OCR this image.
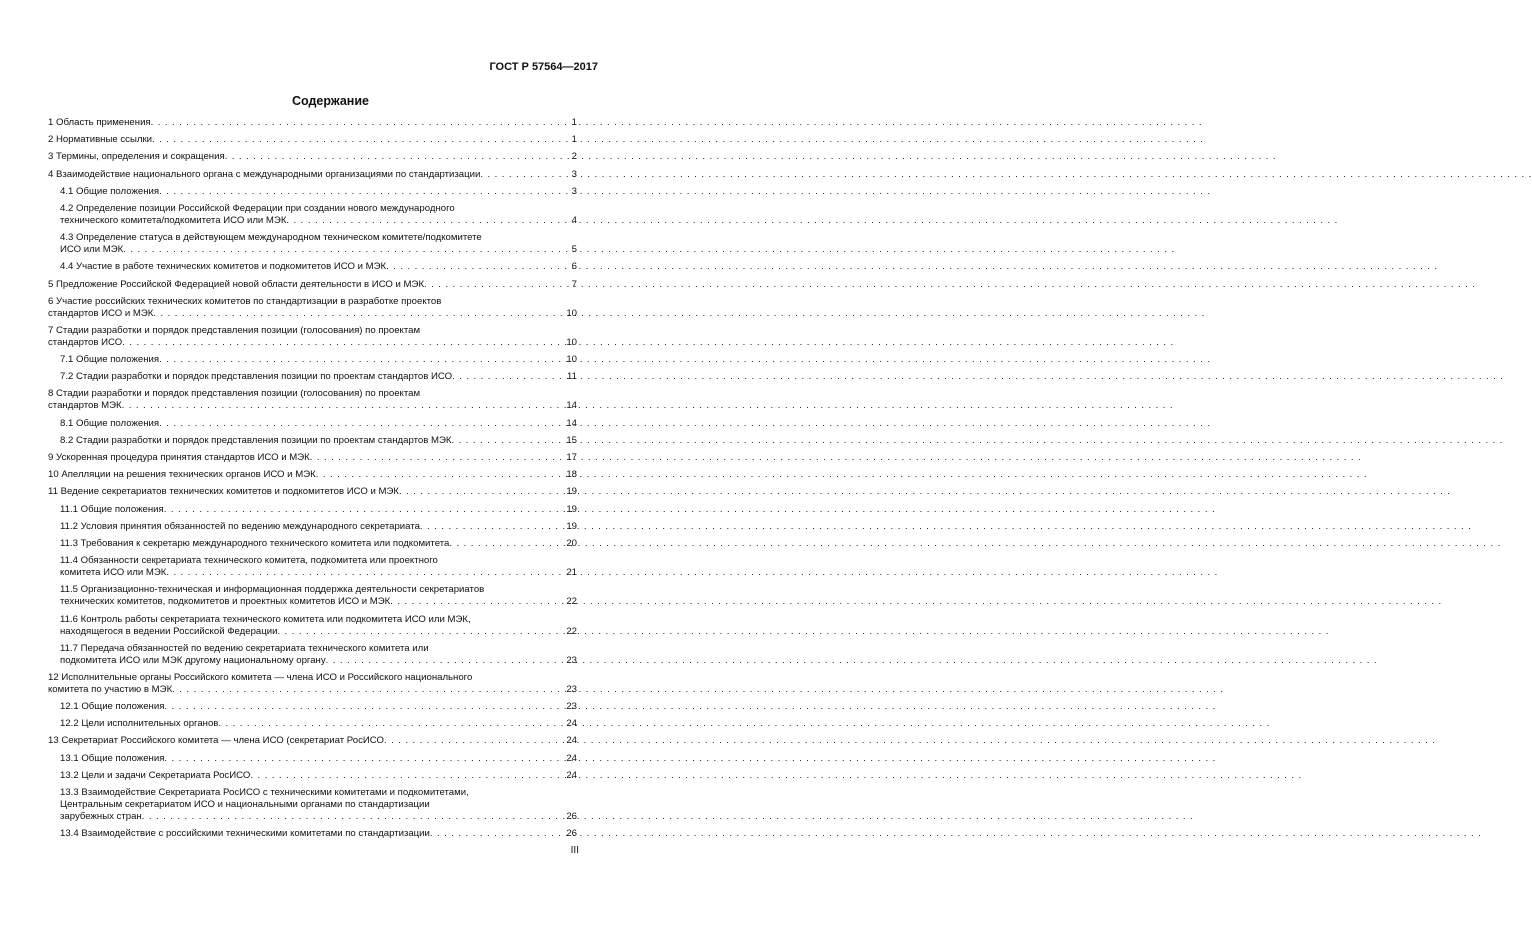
ГОСТ Р 57564—2017
Содержание
1 Область применения . . .	1
2 Нормативные ссылки . . .	1
3 Термины, определения и сокращения . . .	2
4 Взаимодействие национального органа с международными организациями по стандартизации . . .	3
4.1 Общие положения . . .	3
4.2 Определение позиции Российской Федерации при создании нового международного
технического комитета/подкомитета ИСО или МЭК . . .	4
4.3 Определение статуса в действующем международном техническом комитете/подкомитете
ИСО или МЭК . . .	5
4.4 Участие в работе технических комитетов и подкомитетов ИСО и МЭК . . .	6
5 Предложение Российской Федерацией новой области деятельности в ИСО и МЭК . . .	7
6 Участие российских технических комитетов по стандартизации в разработке проектов
стандартов ИСО и МЭК . . .	10
7 Стадии разработки и порядок представления позиции (голосования) по проектам
стандартов ИСО . . .	10
7.1 Общие положения . . .	10
7.2 Стадии разработки и порядок представления позиции по проектам стандартов ИСО . . .	11
8 Стадии разработки и порядок представления позиции (голосования) по проектам
стандартов МЭК . . .	14
8.1 Общие положения . . .	14
8.2 Стадии разработки и порядок представления позиции по проектам стандартов МЭК . . .	15
9 Ускоренная процедура принятия стандартов ИСО и МЭК . . .	17
10 Апелляции на решения технических органов ИСО и МЭК . . .	18
11 Ведение секретариатов технических комитетов и подкомитетов ИСО и МЭК . . .	19
11.1 Общие положения . . .	19
11.2 Условия принятия обязанностей по ведению международного секретариата . . .	19
11.3 Требования к секретарю международного технического комитета или подкомитета . . .	20
11.4 Обязанности секретариата технического комитета, подкомитета или проектного
комитета ИСО или МЭК . . .	21
11.5 Организационно-техническая и информационная поддержка деятельности секретариатов
технических комитетов, подкомитетов и проектных комитетов ИСО и МЭК . . .	22
11.6 Контроль работы секретариата технического комитета или подкомитета ИСО или МЭК,
находящегося в ведении Российской Федерации . . .	22
11.7 Передача обязанностей по ведению секретариата технического комитета или
подкомитета ИСО или МЭК другому национальному органу . . .	23
12 Исполнительные органы Российского комитета — члена ИСО и Российского национального
комитета по участию в МЭК . . .	23
12.1 Общие положения . . .	23
12.2 Цели исполнительных органов . . .	24
13 Секретариат Российского комитета — члена ИСО (секретариат РосИСО . . .	24
13.1 Общие положения . . .	24
13.2 Цели и задачи Секретариата РосИСО . . .	24
13.3 Взаимодействие Секретариата РосИСО с техническими комитетами и подкомитетами,
Центральным секретариатом ИСО и национальными органами по стандартизации
зарубежных стран . . .	26
13.4 Взаимодействие с российскими техническими комитетами по стандартизации . . .	26
III
